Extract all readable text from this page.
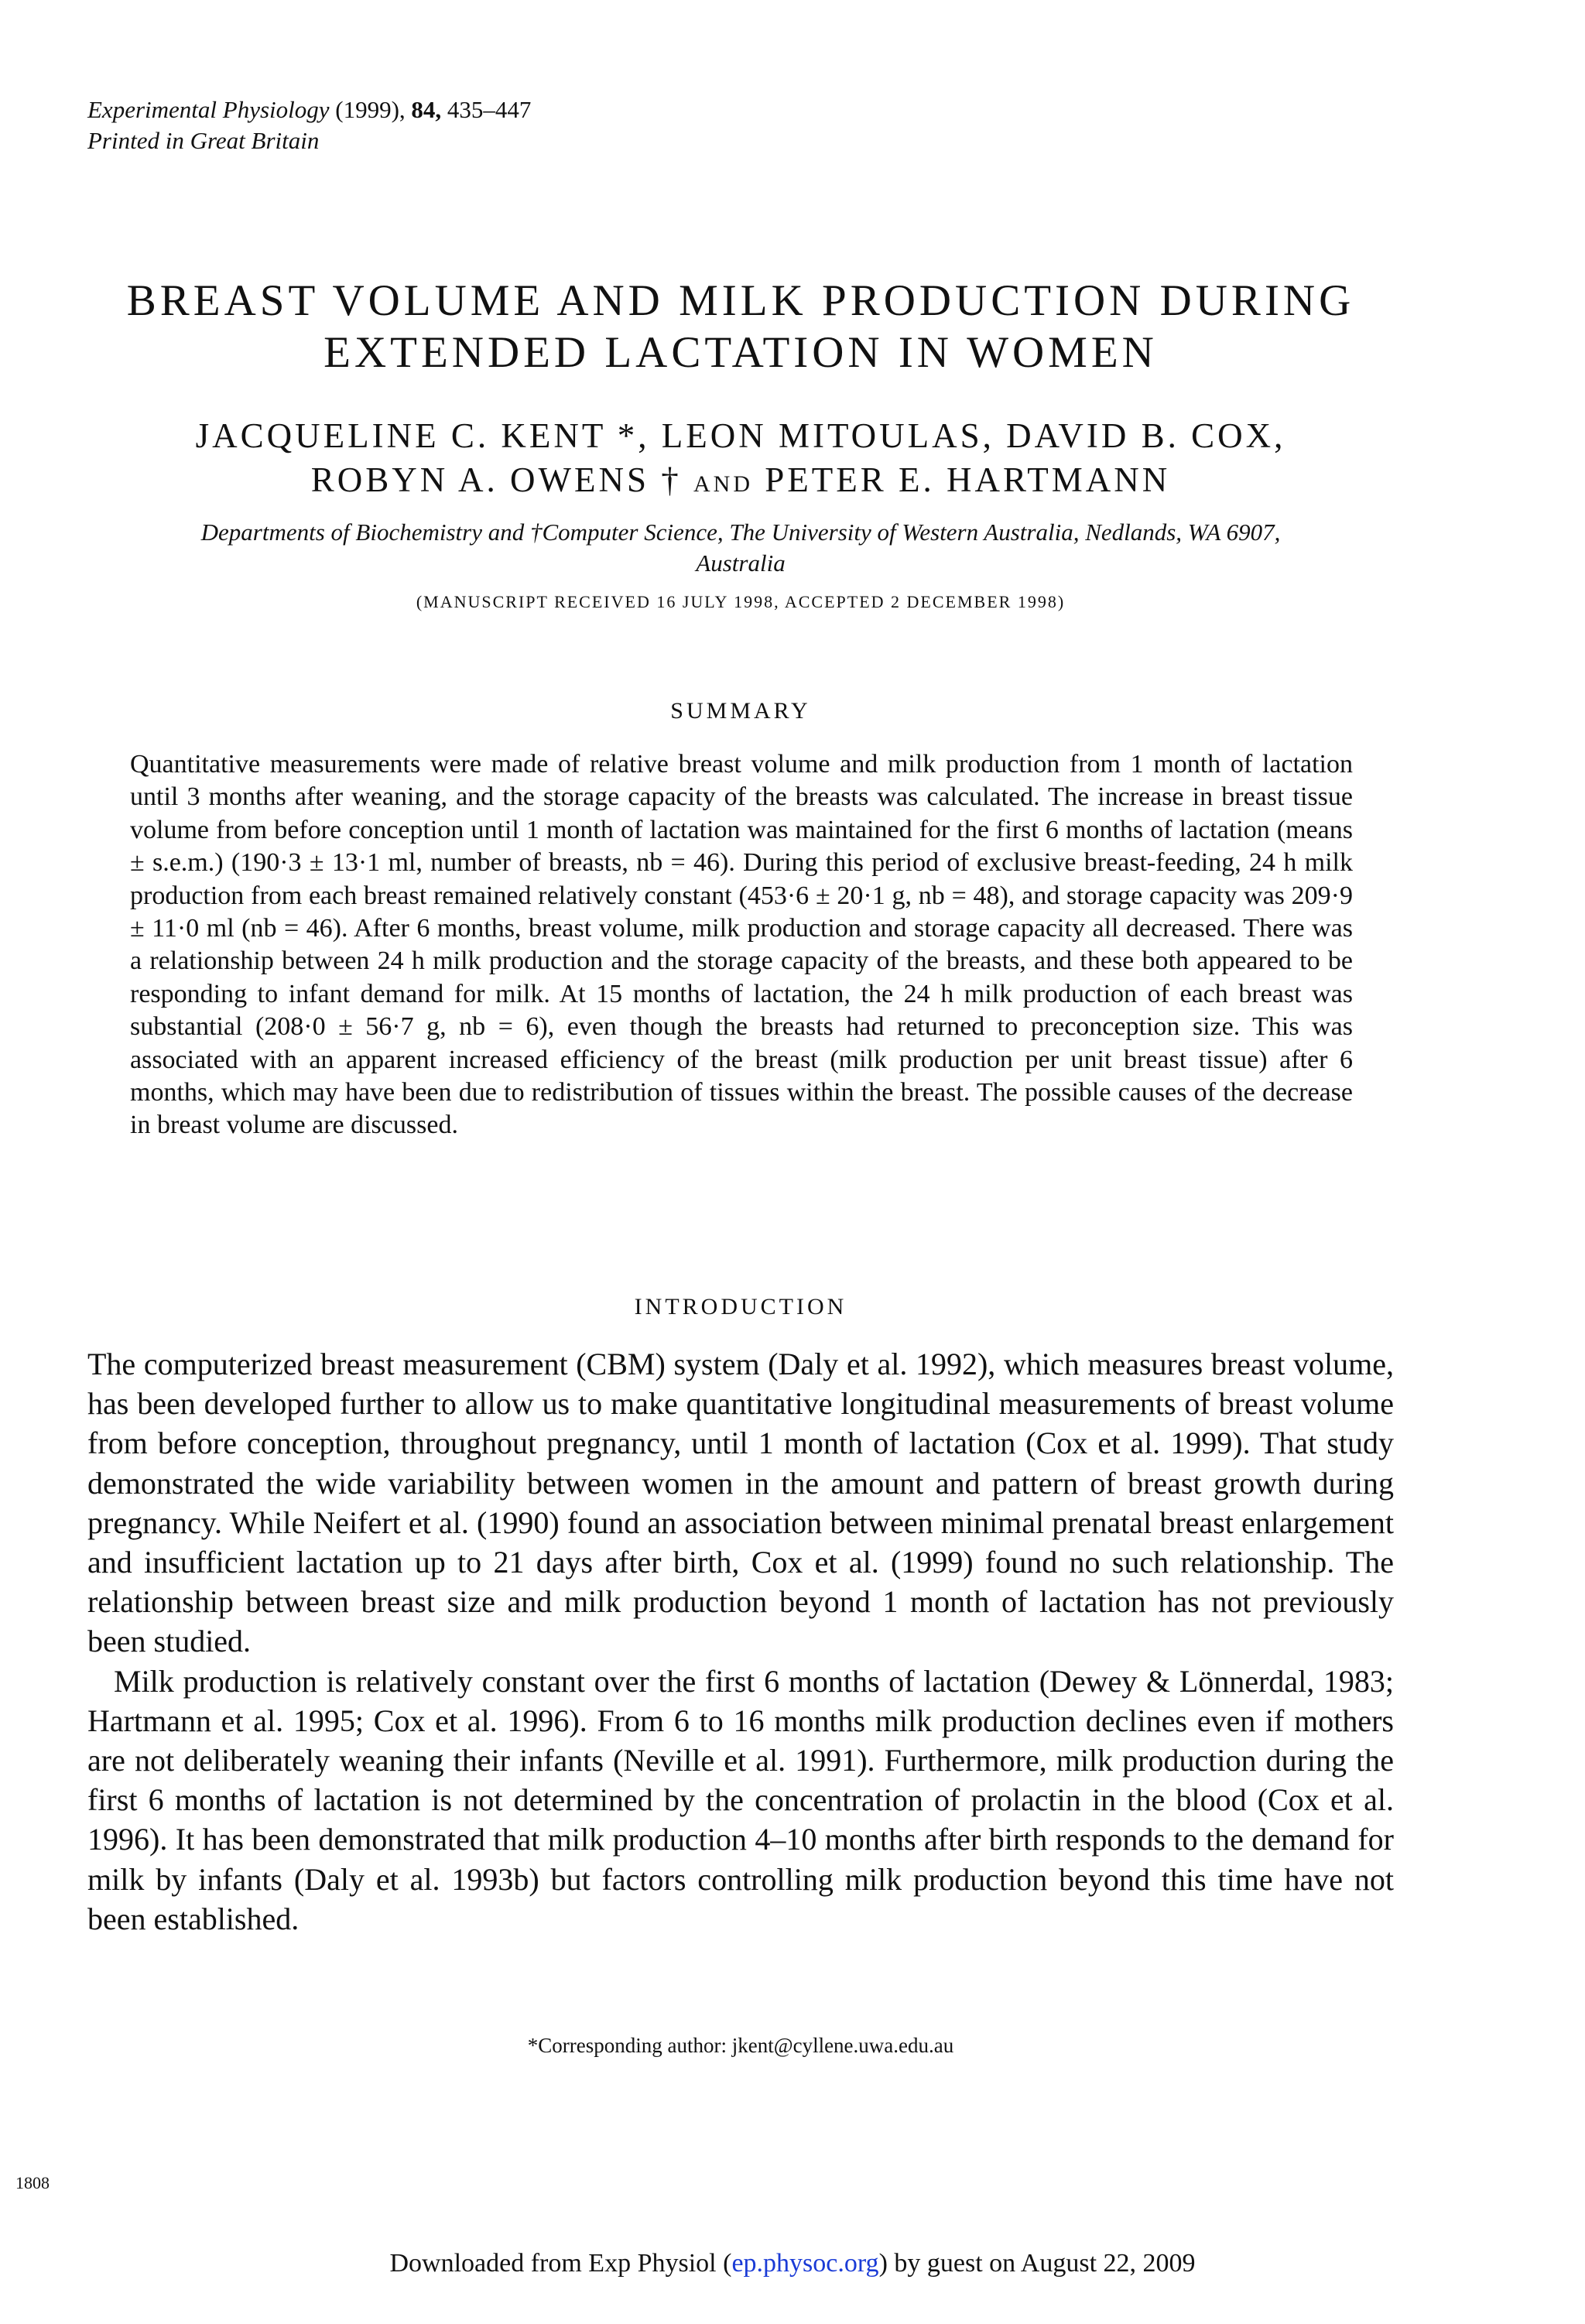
Experimental Physiology (1999), 84, 435–447
Printed in Great Britain
BREAST VOLUME AND MILK PRODUCTION DURING
EXTENDED LACTATION IN WOMEN
JACQUELINE C. KENT *, LEON MITOULAS, DAVID B. COX,
ROBYN A. OWENS † AND PETER E. HARTMANN
Departments of Biochemistry and †Computer Science, The University of Western Australia, Nedlands, WA 6907,
Australia
(MANUSCRIPT RECEIVED 16 JULY 1998, ACCEPTED 2 DECEMBER 1998)
SUMMARY
Quantitative measurements were made of relative breast volume and milk production from 1 month of lactation until 3 months after weaning, and the storage capacity of the breasts was calculated. The increase in breast tissue volume from before conception until 1 month of lactation was maintained for the first 6 months of lactation (means ± s.e.m.) (190·3 ± 13·1 ml, number of breasts, nb = 46). During this period of exclusive breast-feeding, 24 h milk production from each breast remained relatively constant (453·6 ± 20·1 g, nb = 48), and storage capacity was 209·9 ± 11·0 ml (nb = 46). After 6 months, breast volume, milk production and storage capacity all decreased. There was a relationship between 24 h milk production and the storage capacity of the breasts, and these both appeared to be responding to infant demand for milk. At 15 months of lactation, the 24 h milk production of each breast was substantial (208·0 ± 56·7 g, nb = 6), even though the breasts had returned to preconception size. This was associated with an apparent increased efficiency of the breast (milk production per unit breast tissue) after 6 months, which may have been due to redistribution of tissues within the breast. The possible causes of the decrease in breast volume are discussed.
INTRODUCTION

The computerized breast measurement (CBM) system (Daly et al. 1992), which measures breast volume, has been developed further to allow us to make quantitative longitudinal measurements of breast volume from before conception, throughout pregnancy, until 1 month of lactation (Cox et al. 1999). That study demonstrated the wide variability between women in the amount and pattern of breast growth during pregnancy. While Neifert et al. (1990) found an association between minimal prenatal breast enlargement and insufficient lactation up to 21 days after birth, Cox et al. (1999) found no such relationship. The relationship between breast size and milk production beyond 1 month of lactation has not previously been studied.

Milk production is relatively constant over the first 6 months of lactation (Dewey & Lönnerdal, 1983; Hartmann et al. 1995; Cox et al. 1996). From 6 to 16 months milk production declines even if mothers are not deliberately weaning their infants (Neville et al. 1991). Furthermore, milk production during the first 6 months of lactation is not determined by the concentration of prolactin in the blood (Cox et al. 1996). It has been demonstrated that milk production 4–10 months after birth responds to the demand for milk by infants (Daly et al. 1993b) but factors controlling milk production beyond this time have not been established.

*Corresponding author: jkent@cyllene.uwa.edu.au
1808
Downloaded from Exp Physiol (ep.physoc.org) by guest on August 22, 2009
